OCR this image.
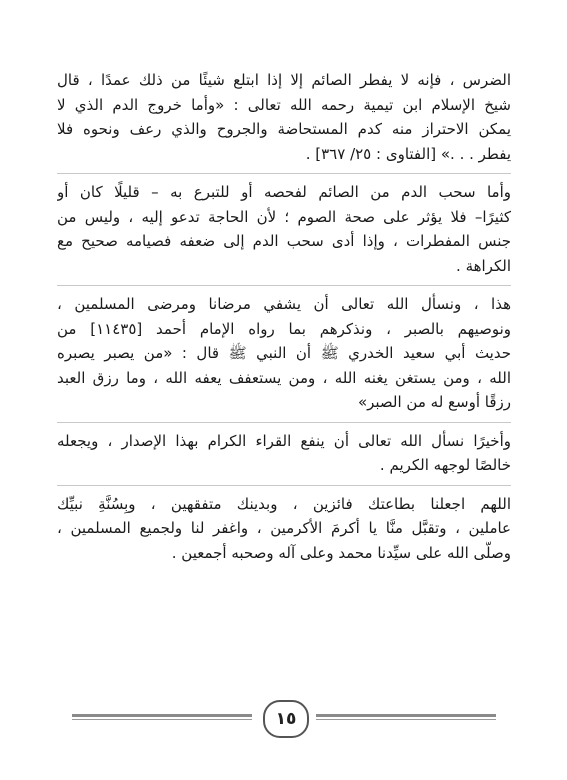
الضرس ، فإنه لا يفطر الصائم إلا إذا ابتلع شيئًا من ذلك عمدًا ، قال
شيخ الإسلام ابن تيمية رحمه الله تعالى : «وأما خروج الدم الذي لا
يمكن الاحتراز منه كدم المستحاضة والجروح والذي رعف ونحوه فلا
يفطر . . .» [الفتاوى : ٢٥/ ٣٦٧] .
وأما سحب الدم من الصائم لفحصه أو للتبرع به – قليلًا كان أو
كثيرًا– فلا يؤثر على صحة الصوم ؛ لأن الحاجة تدعو إليه ، وليس من
جنس المفطرات ، وإذا أدى سحب الدم إلى ضعفه فصيامه صحيح مع
الكراهة .
هذا ، ونسأل الله تعالى أن يشفي مرضانا ومرضى المسلمين ،
ونوصيهم بالصبر ، ونذكرهم بما رواه الإمام أحمد [١١٤٣٥] من
حديث أبي سعيد الخدري ﷺ أن النبي ﷺ قال : «من يصبر يصبره
الله ، ومن يستغن يغنه الله ، ومن يستعفف يعفه الله ، وما رزق العبد
رزقًا أوسع له من الصبر»
وأخيرًا نسأل الله تعالى أن ينفع القراء الكرام بهذا الإصدار ، ويجعله
خالصًا لوجهه الكريم .
اللهم اجعلنا بطاعتك فائزين ، وبدينك متفقهين ، وبِسُنَّةِ نبيِّك
عاملين ، وتقبَّل منَّا يا أكرمَ الأكرمين ، واغفر لنا ولجميع المسلمين ،
وصلَّى الله على سيِّدنا محمد وعلى آله وصحبه أجمعين .
١٥
